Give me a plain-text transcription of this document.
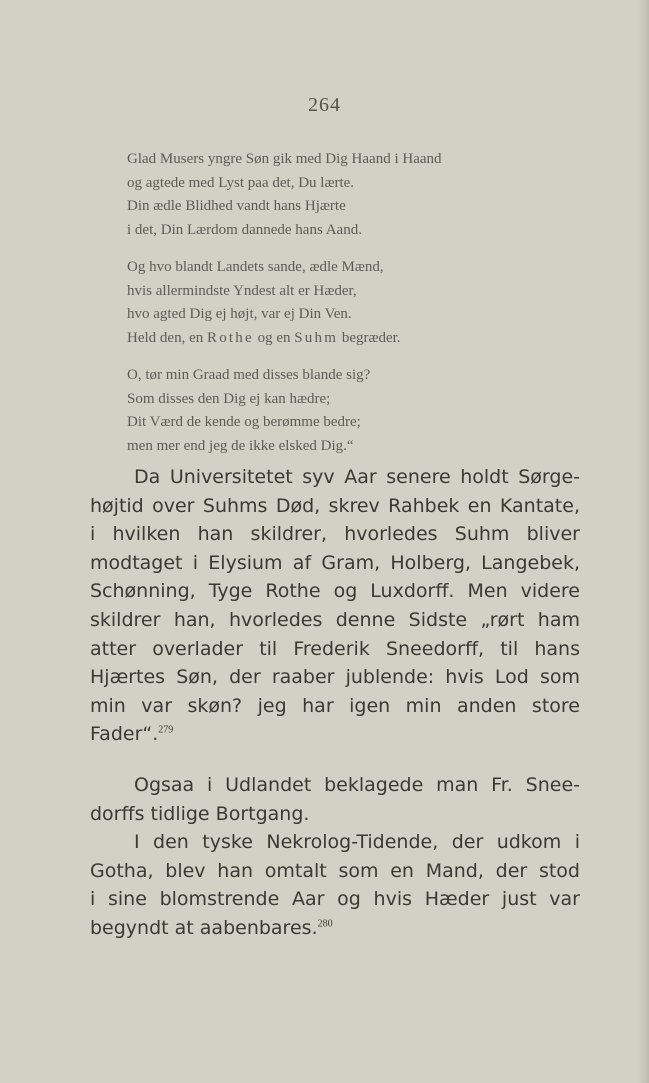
264
Glad Musers yngre Søn gik med Dig Haand i Haand
og agtede med Lyst paa det, Du lærte.
Din ædle Blidhed vandt hans Hjærte
i det, Din Lærdom dannede hans Aand.
Og hvo blandt Landets sande, ædle Mænd,
hvis allermindste Yndest alt er Hæder,
hvo agted Dig ej højt, var ej Din Ven.
Held den, en Rothe og en Suhm begræder.
O, tør min Graad med disses blande sig?
Som disses den Dig ej kan hædre;
Dit Værd de kende og berømme bedre;
men mer end jeg de ikke elsked Dig.“
Da Universitetet syv Aar senere holdt Sørge-
højtid over Suhms Død, skrev Rahbek en Kantate,
i hvilken han skildrer, hvorledes Suhm bliver
modtaget i Elysium af Gram, Holberg, Langebek,
Schønning, Tyge Rothe og Luxdorff. Men videre
skildrer han, hvorledes denne Sidste „rørt ham
atter overlader til Frederik Sneedorff, til hans
Hjærtes Søn, der raaber jublende: hvis Lod som
min var skøn? jeg har igen min anden store
Fader“.$^{279}$
Ogsaa i Udlandet beklagede man Fr. Snee-
dorffs tidlige Bortgang.
I den tyske Nekrolog-Tidende, der udkom i
Gotha, blev han omtalt som en Mand, der stod
i sine blomstrende Aar og hvis Hæder just var
begyndt at aabenbares.$^{280}$
